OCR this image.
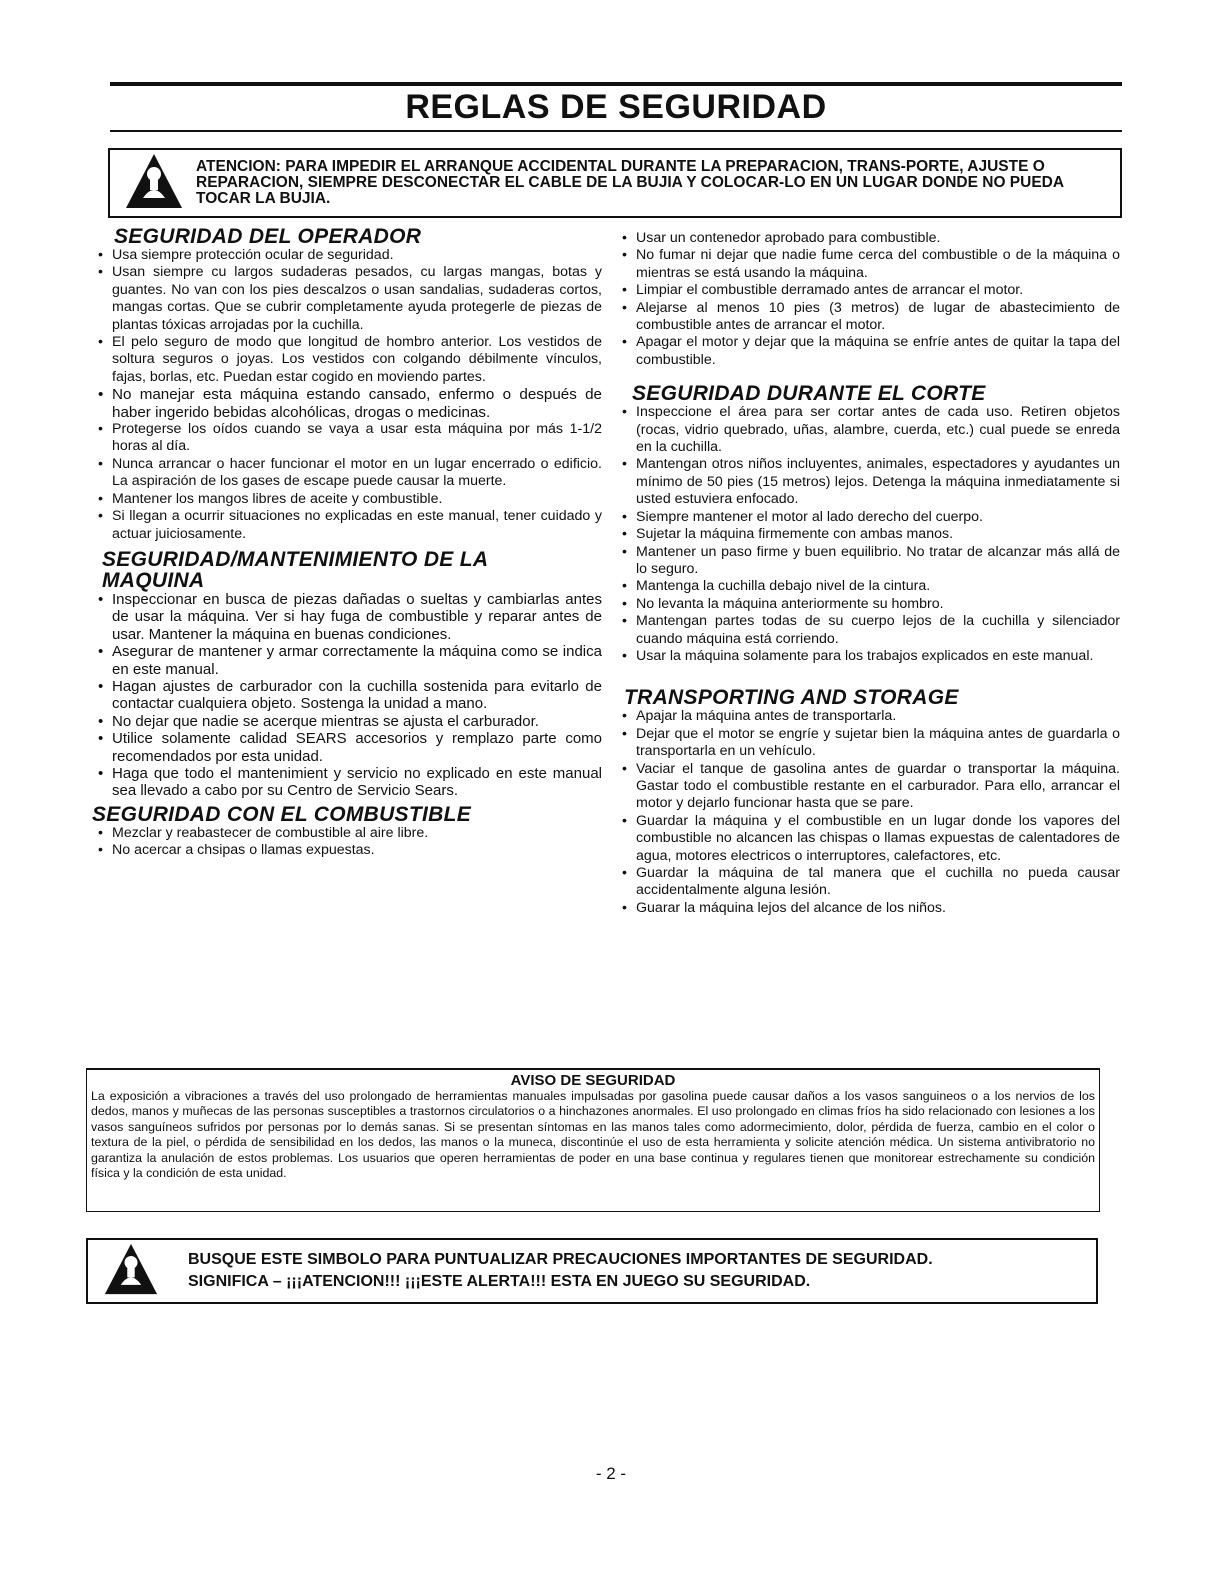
REGLAS DE SEGURIDAD
ATENCION: PARA IMPEDIR EL ARRANQUE ACCIDENTAL DURANTE LA PREPARACION, TRANS-PORTE, AJUSTE O REPARACION, SIEMPRE DESCONECTAR EL CABLE DE LA BUJIA Y COLOCAR-LO EN UN LUGAR DONDE NO PUEDA TOCAR LA BUJIA.
SEGURIDAD DEL OPERADOR
• Usa siempre protección ocular de seguridad.
• Usan siempre cu largos sudaderas pesados, cu largas mangas, botas y guantes. No van con los pies descalzos o usan sandalias, sudaderas cortos, mangas cortas. Que se cubrir completamente ayuda protegerle de piezas de plantas tóxicas arrojadas por la cuchilla.
• El pelo seguro de modo que longitud de hombro anterior. Los vestidos de soltura seguros o joyas. Los vestidos con colgando débilmente vínculos, fajas, borlas, etc. Puedan estar cogido en moviendo partes.
• No manejar esta máquina estando cansado, enfermo o después de haber ingerido bebidas alcohólicas, drogas o medicinas.
• Protegerse los oídos cuando se vaya a usar esta máquina por más 1-1/2 horas al día.
• Nunca arrancar o hacer funcionar el motor en un lugar encerrado o edificio. La aspiración de los gases de escape puede causar la muerte.
• Mantener los mangos libres de aceite y combustible.
• Si llegan a ocurrir situaciones no explicadas en este manual, tener cuidado y actuar juiciosamente.
SEGURIDAD/MANTENIMIENTO DE LA MAQUINA
• Inspeccionar en busca de piezas dañadas o sueltas y cambiarlas antes de usar la máquina. Ver si hay fuga de combustible y reparar antes de usar. Mantener la máquina en buenas condiciones.
• Asegurar de mantener y armar correctamente la máquina como se indica en este manual.
• Hagan ajustes de carburador con la cuchilla sostenida para evitarlo de contactar cualquiera objeto. Sostenga la unidad a mano.
• No dejar que nadie se acerque mientras se ajusta el carburador.
• Utilice solamente calidad SEARS accesorios y remplazo parte como recomendados por esta unidad.
• Haga que todo el mantenimient y servicio no explicado en este manual sea llevado a cabo por su Centro de Servicio Sears.
SEGURIDAD CON EL COMBUSTIBLE
• Mezclar y reabastecer de combustible al aire libre.
• No acercar a chsipas o llamas expuestas.
• Usar un contenedor aprobado para combustible.
• No fumar ni dejar que nadie fume cerca del combustible o de la máquina o mientras se está usando la máquina.
• Limpiar el combustible derramado antes de arrancar el motor.
• Alejarse al menos 10 pies (3 metros) de lugar de abastecimiento de combustible antes de arrancar el motor.
• Apagar el motor y dejar que la máquina se enfríe antes de quitar la tapa del combustible.
SEGURIDAD DURANTE EL CORTE
• Inspeccione el área para ser cortar antes de cada uso. Retiren objetos (rocas, vidrio quebrado, uñas, alambre, cuerda, etc.) cual puede se enreda en la cuchilla.
• Mantengan otros niños incluyentes, animales, espectadores y ayudantes un mínimo de 50 pies (15 metros) lejos. Detenga la máquina inmediatamente si usted estuviera enfocado.
• Siempre mantener el motor al lado derecho del cuerpo.
• Sujetar la máquina firmemente con ambas manos.
• Mantener un paso firme y buen equilibrio. No tratar de alcanzar más allá de lo seguro.
• Mantenga la cuchilla debajo nivel de la cintura.
• No levanta la máquina anteriormente su hombro.
• Mantengan partes todas de su cuerpo lejos de la cuchilla y silenciador cuando máquina está corriendo.
• Usar la máquina solamente para los trabajos explicados en este manual.
TRANSPORTING AND STORAGE
• Apajar la máquina antes de transportarla.
• Dejar que el motor se engríe y sujetar bien la máquina antes de guardarla o transportarla en un vehículo.
• Vaciar el tanque de gasolina antes de guardar o transportar la máquina. Gastar todo el combustible restante en el carburador. Para ello, arrancar el motor y dejarlo funcionar hasta que se pare.
• Guardar la máquina y el combustible en un lugar donde los vapores del combustible no alcancen las chispas o llamas expuestas de calentadores de agua, motores electricos o interruptores, calefactores, etc.
• Guardar la máquina de tal manera que el cuchilla no pueda causar accidentalmente alguna lesión.
• Guarar la máquina lejos del alcance de los niños.
AVISO DE SEGURIDAD
La exposición a vibraciones a través del uso prolongado de herramientas manuales impulsadas por gasolina puede causar daños a los vasos sanguineos o a los nervios de los dedos, manos y muñecas de las personas susceptibles a trastornos circulatorios o a hinchazones anormales. El uso prolongado en climas fríos ha sido relacionado con lesiones a los vasos sanguíneos sufridos por personas por lo demás sanas. Si se presentan síntomas en las manos tales como adormecimiento, dolor, pérdida de fuerza, cambio en el color o textura de la piel, o pérdida de sensibilidad en los dedos, las manos o la muneca, discontinúe el uso de esta herramienta y solicite atención médica. Un sistema antivibratorio no garantiza la anulación de estos problemas. Los usuarios que operen herramientas de poder en una base continua y regulares tienen que monitorear estrechamente su condición física y la condición de esta unidad.
BUSQUE ESTE SIMBOLO PARA PUNTUALIZAR PRECAUCIONES IMPORTANTES DE SEGURIDAD.
SIGNIFICA – ¡¡¡ATENCION!!! ¡¡¡ESTE ALERTA!!! ESTA EN JUEGO SU SEGURIDAD.
- 2 -
